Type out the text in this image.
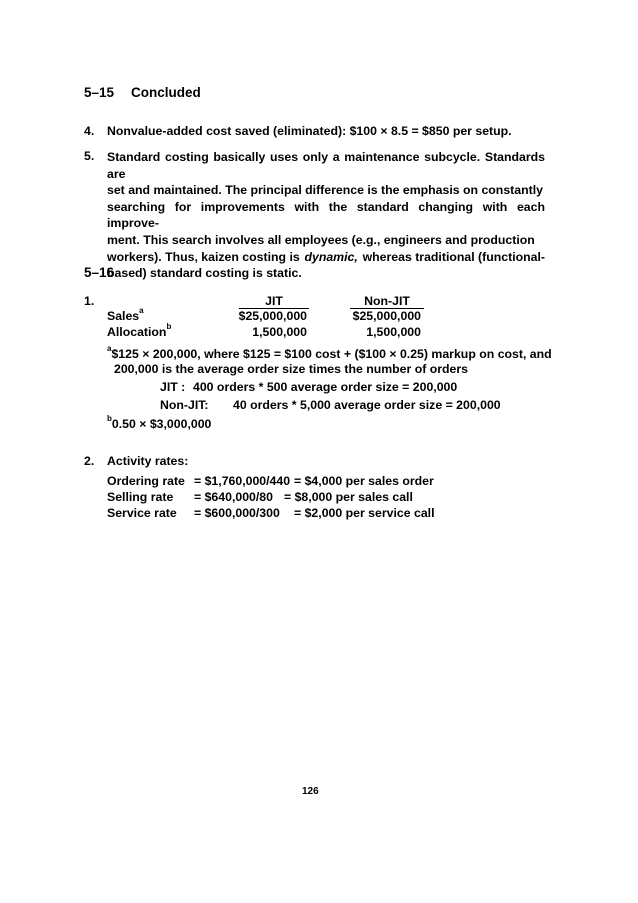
5–15 Concluded
4. Nonvalue-added cost saved (eliminated): $100 × 8.5 = $850 per setup.
5. Standard costing basically uses only a maintenance subcycle. Standards are
set and maintained. The principal difference is the emphasis on constantly
searching for improvements with the standard changing with each improve-
ment. This search involves all employees (e.g., engineers and production
workers). Thus, kaizen costing is dynamic, whereas traditional (functional-
based) standard costing is static.
5–16
1.	JIT	Non-JIT
Sales$^a$	$25,000,000	$25,000,000
Allocation$^b$	1,500,000	1,500,000
$^a$\$125 × 200,000, where $125 = $100 cost + ($100 × 0.25) markup on cost, and
200,000 is the average order size times the number of orders
JIT : 400 orders * 500 average order size = 200,000
Non-JIT: 40 orders * 5,000 average order size = 200,000
$^b$0.50 × $3,000,000
2. Activity rates:
Ordering rate = $1,760,000/440 = $4,000 per sales order
Selling rate = $640,000/80 = $8,000 per sales call
Service rate = $600,000/300 = $2,000 per service call
126
